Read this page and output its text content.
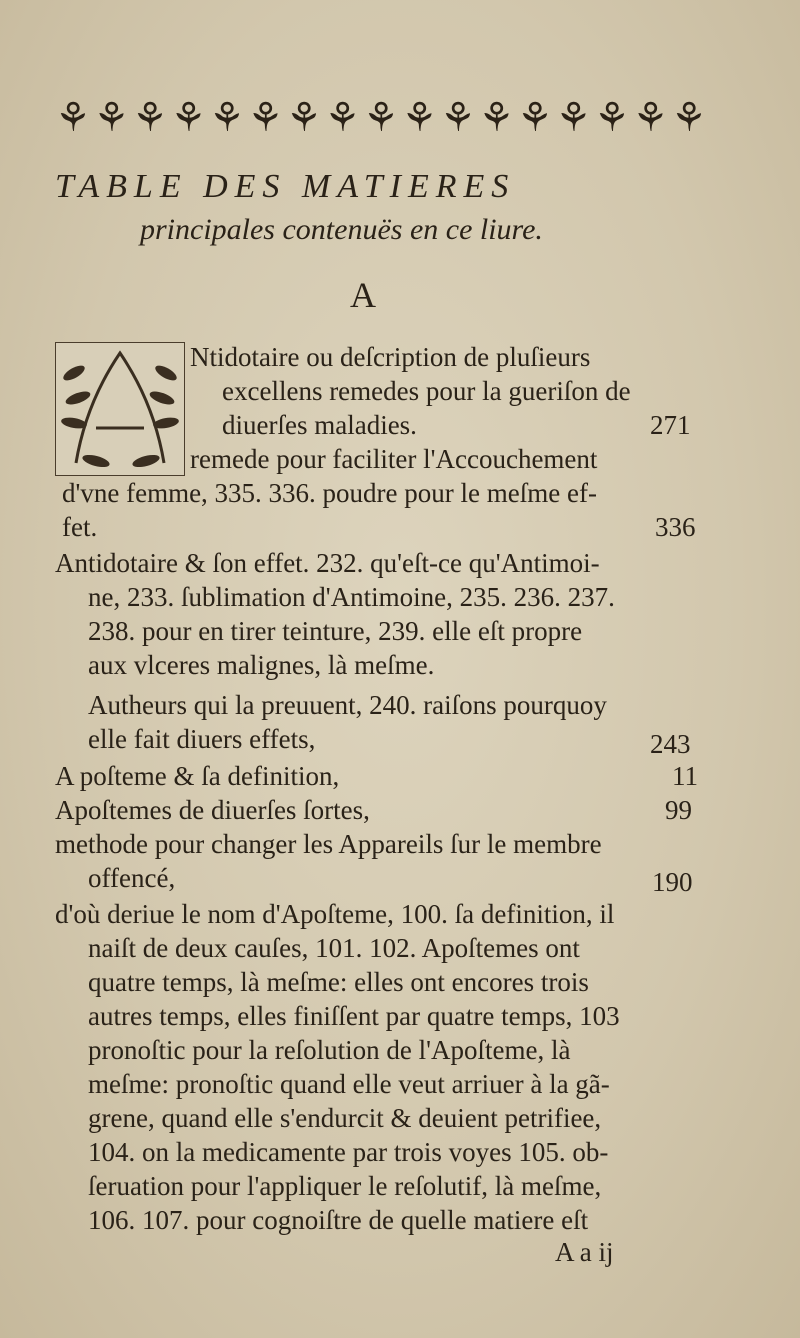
⚘ ⚘ ⚘ ⚘ ⚘ ⚘ ⚘ ⚘ ⚘ ⚘ ⚘ ⚘ ⚘ ⚘ ⚘ ⚘ ⚘
TABLE DES MATIERES
principales contenuës en ce liure.
A
Ntidotaire ou deſcription de pluſieurs
excellens remedes pour la gueriſon de
diuerſes maladies.	271
remede pour faciliter l'Accouchement
d'vne femme, 335. 336. poudre pour le meſme ef-
fet.	336
Antidotaire & ſon effet. 232. qu'eſt-ce qu'Antimoi-
ne, 233. ſublimation d'Antimoine, 235. 236. 237.
238. pour en tirer teinture, 239. elle eſt propre
aux vlceres malignes, là meſme.
Autheurs qui la preuuent, 240. raiſons pourquoy
elle fait diuers effets,	243
A poſteme & ſa definition,	11
Apoſtemes de diuerſes ſortes,	99
methode pour changer les Appareils ſur le membre
offencé,	190
d'où deriue le nom d'Apoſteme, 100. ſa definition, il
naiſt de deux cauſes, 101. 102. Apoſtemes ont
quatre temps, là meſme: elles ont encores trois
autres temps, elles finiſſent par quatre temps, 103
pronoſtic pour la reſolution de l'Apoſteme, là
meſme: pronoſtic quand elle veut arriuer à la gã-
grene, quand elle s'endurcit & deuient petrifiee,
104. on la medicamente par trois voyes 105. ob-
ſeruation pour l'appliquer le reſolutif, là meſme,
106. 107. pour cognoiſtre de quelle matiere eſt
A a ij
